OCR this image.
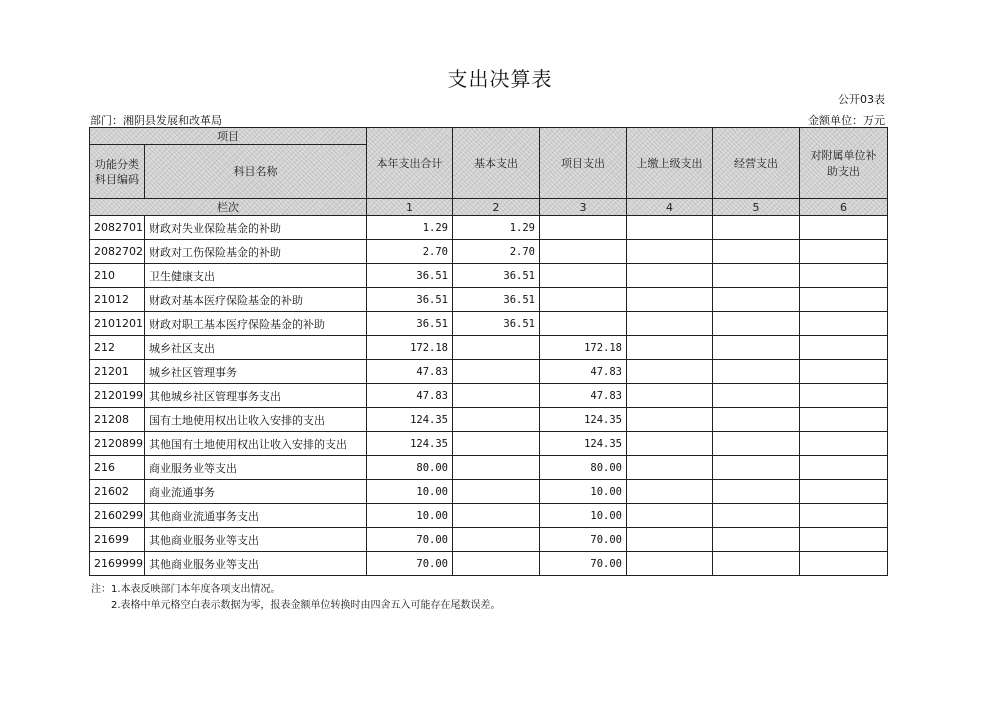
支出决算表
公开03表
部门：湘阴县发展和改革局	金额单位：万元
项目		本年支出合计	基本支出	项目支出	上缴上级支出	经营支出	对附属单位补助支出
功能分类科目编码	科目名称						
栏次		1	2	3	4	5	6
2082701	财政对失业保险基金的补助	1.29	1.29				
2082702	财政对工伤保险基金的补助	2.70	2.70				
210	卫生健康支出	36.51	36.51				
21012	财政对基本医疗保险基金的补助	36.51	36.51				
2101201	财政对职工基本医疗保险基金的补助	36.51	36.51				
212	城乡社区支出	172.18		172.18			
21201	城乡社区管理事务	47.83		47.83			
2120199	其他城乡社区管理事务支出	47.83		47.83			
21208	国有土地使用权出让收入安排的支出	124.35		124.35			
2120899	其他国有土地使用权出让收入安排的支出	124.35		124.35			
216	商业服务业等支出	80.00		80.00			
21602	商业流通事务	10.00		10.00			
2160299	其他商业流通事务支出	10.00		10.00			
21699	其他商业服务业等支出	70.00		70.00			
2169999	其他商业服务业等支出	70.00		70.00			
注：1.本表反映部门本年度各项支出情况。
2.表格中单元格空白表示数据为零，报表金额单位转换时由四舍五入可能存在尾数误差。
